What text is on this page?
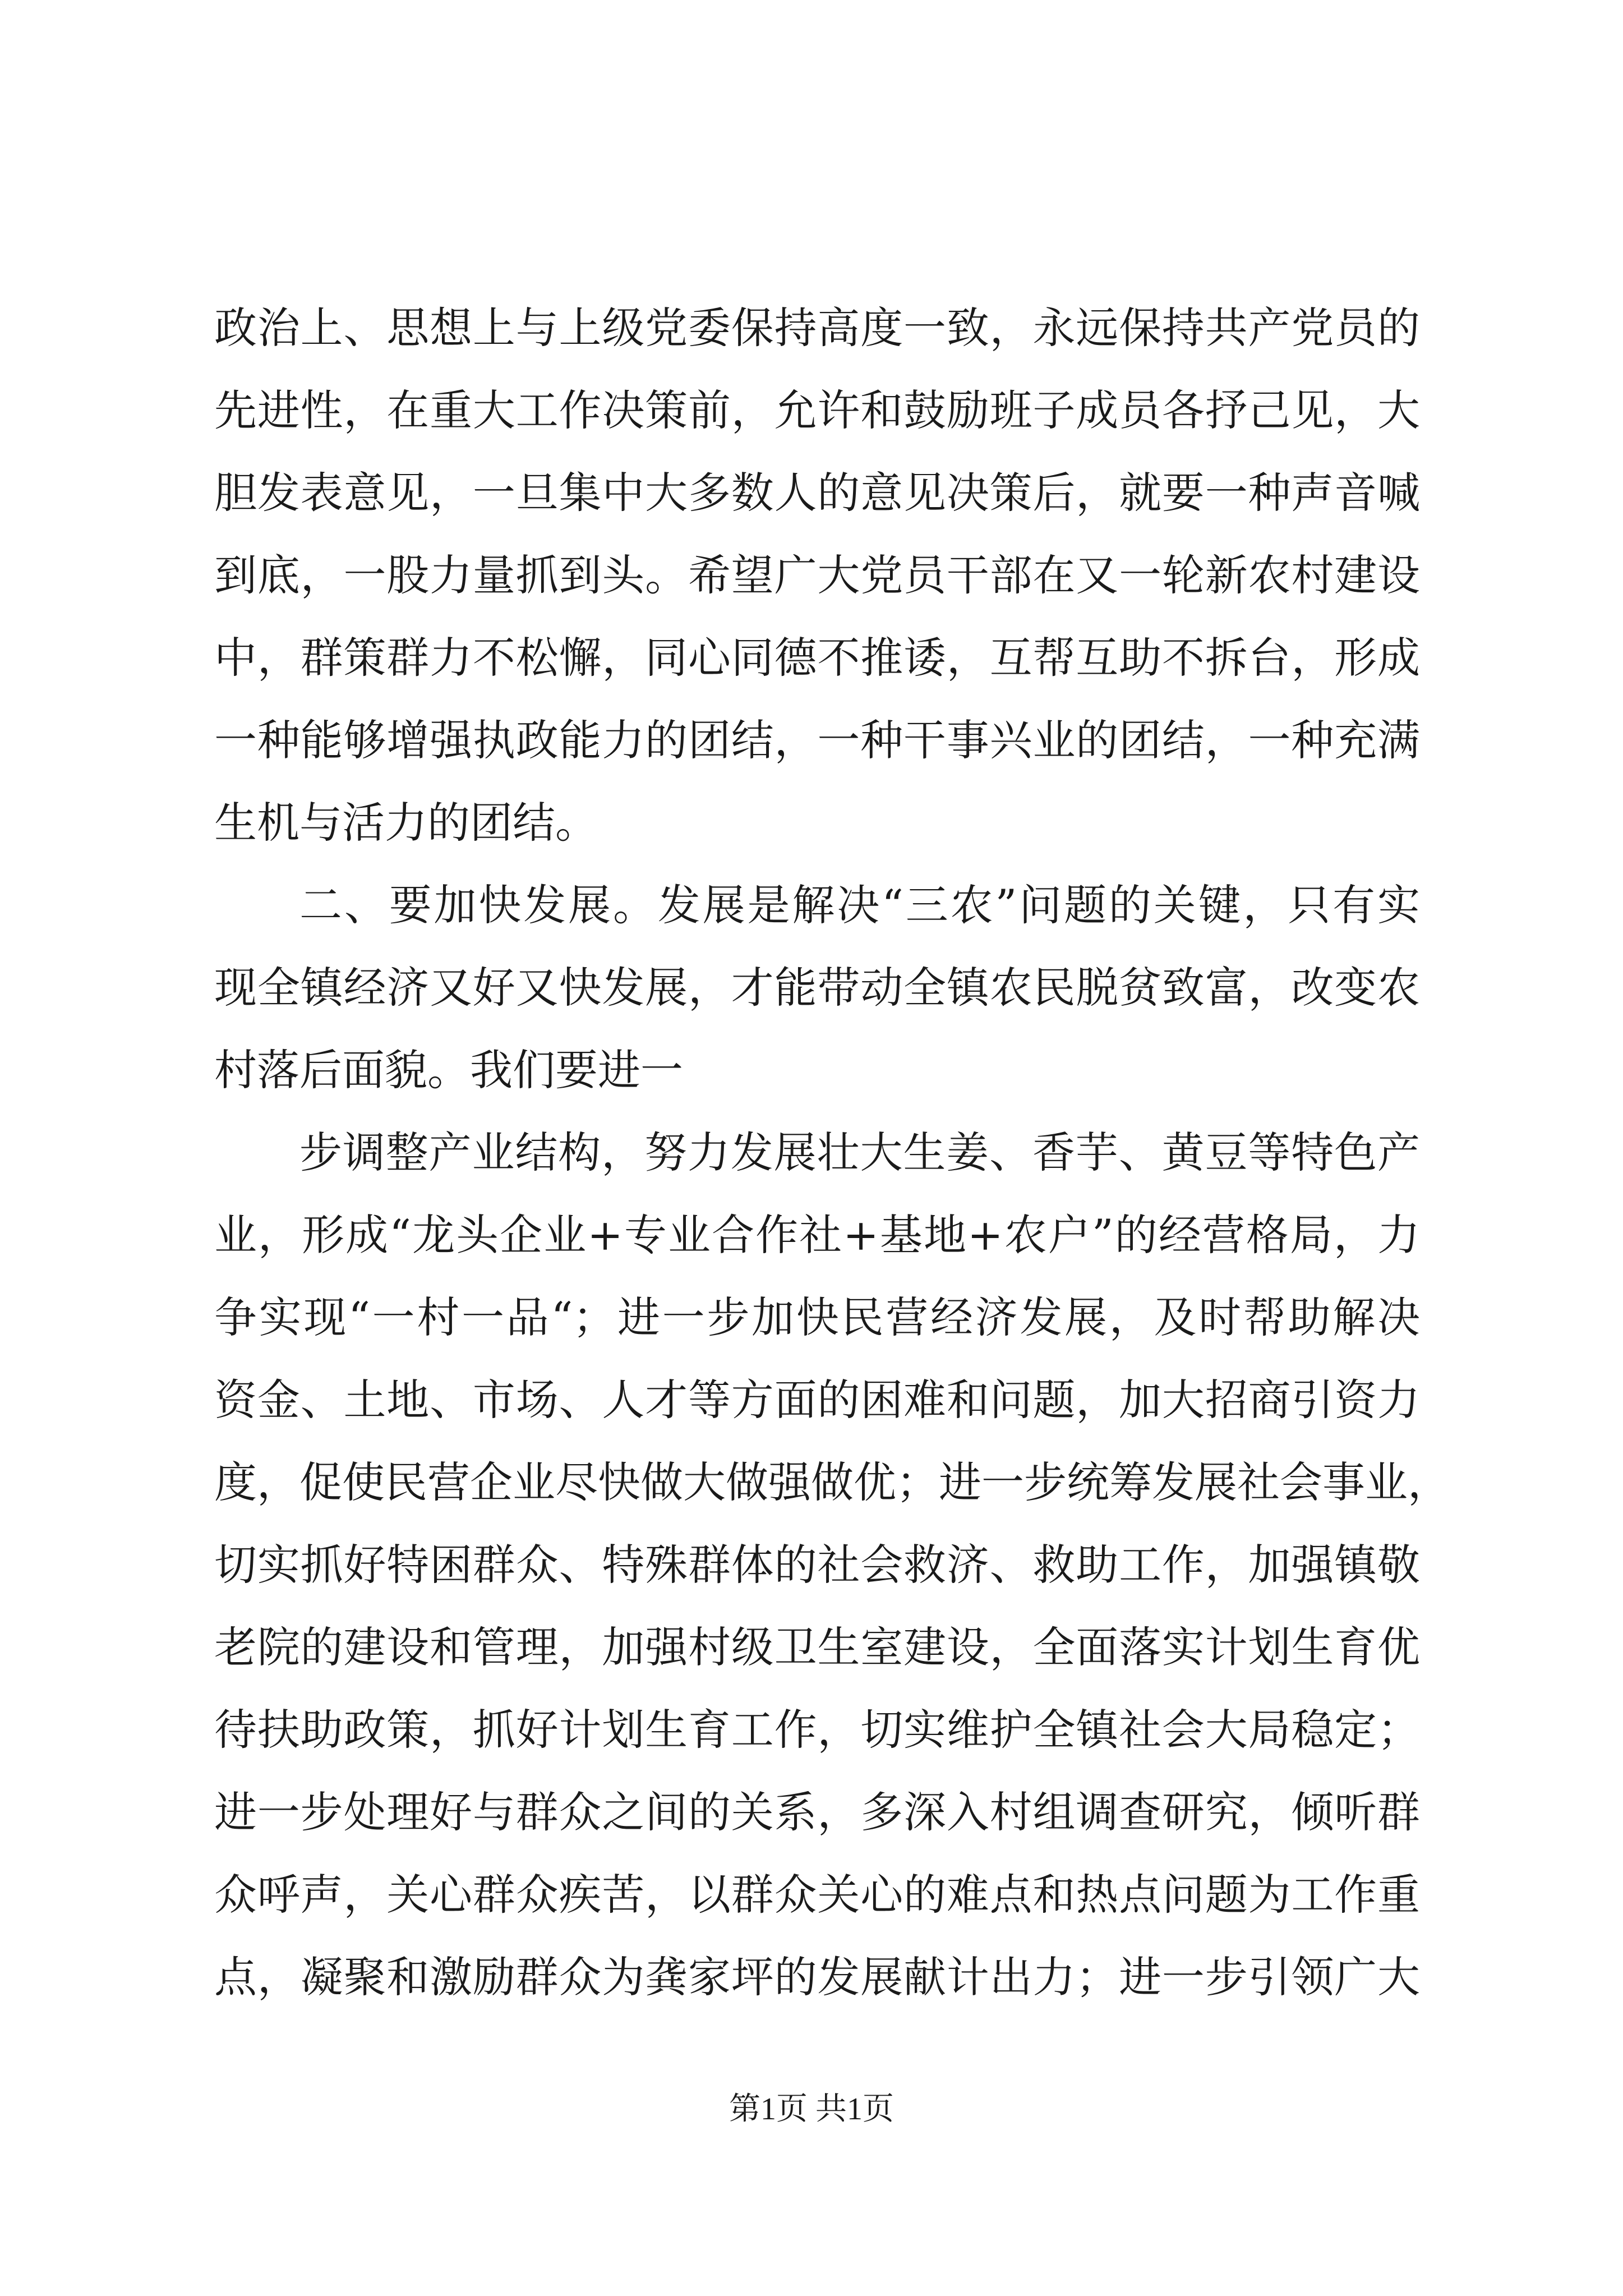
政治上、思想上与上级党委保持高度一致，永远保持共产党员的
先进性，在重大工作决策前，允许和鼓励班子成员各抒己见，大
胆发表意见，一旦集中大多数人的意见决策后，就要一种声音喊
到底，一股力量抓到头。希望广大党员干部在又一轮新农村建设
中，群策群力不松懈，同心同德不推诿，互帮互助不拆台，形成
一种能够增强执政能力的团结，一种干事兴业的团结，一种充满
生机与活力的团结。
二、要加快发展。发展是解决“三农”问题的关键，只有实
现全镇经济又好又快发展，才能带动全镇农民脱贫致富，改变农
村落后面貌。我们要进一
步调整产业结构，努力发展壮大生姜、香芋、黄豆等特色产
业，形成“龙头企业+专业合作社+基地+农户”的经营格局，力
争实现“一村一品“；进一步加快民营经济发展，及时帮助解决
资金、土地、市场、人才等方面的困难和问题，加大招商引资力
度，促使民营企业尽快做大做强做优；进一步统筹发展社会事业，
切实抓好特困群众、特殊群体的社会救济、救助工作，加强镇敬
老院的建设和管理，加强村级卫生室建设，全面落实计划生育优
待扶助政策，抓好计划生育工作，切实维护全镇社会大局稳定；
进一步处理好与群众之间的关系，多深入村组调查研究，倾听群
众呼声，关心群众疾苦，以群众关心的难点和热点问题为工作重
点，凝聚和激励群众为龚家坪的发展献计出力；进一步引领广大
第1页 共1页
